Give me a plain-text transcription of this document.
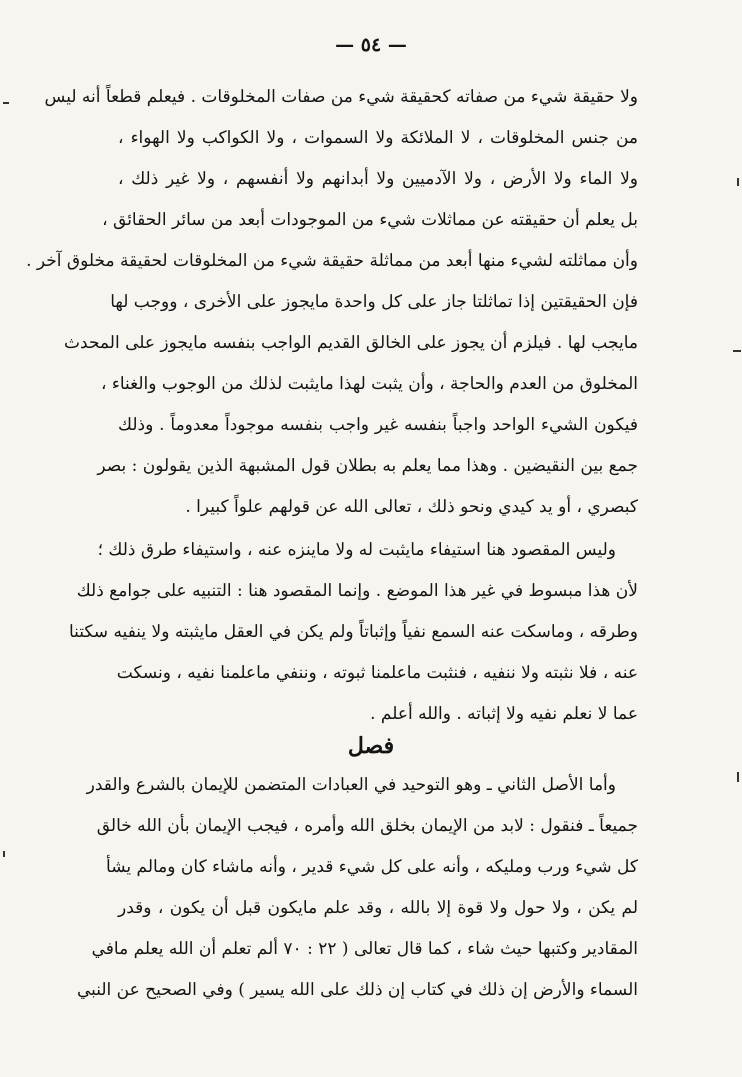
— ٥٤ —
ولا حقيقة شيء من صفاته كحقيقة شيء من صفات المخلوقات . فيعلم قطعاً أنه ليس
من جنس المخلوقات ، لا الملائكة ولا السموات ، ولا الكواكب ولا الهواء ،
ولا الماء ولا الأرض ، ولا الآدميين ولا أبدانهم ولا أنفسهم ، ولا غير ذلك ،
بل يعلم أن حقيقته عن مماثلات شيء من الموجودات أبعد من سائر الحقائق ،
وأن مماثلته لشيء منها أبعد من مماثلة حقيقة شيء من المخلوقات لحقيقة مخلوق آخر .
فإن الحقيقتين إذا تماثلتا جاز على كل واحدة مايجوز على الأخرى ، ووجب لها
مايجب لها . فيلزم أن يجوز على الخالق القديم الواجب بنفسه مايجوز على المحدث
المخلوق من العدم والحاجة ، وأن يثبت لهذا مايثبت لذلك من الوجوب والغناء ،
فيكون الشيء الواحد واجباً بنفسه غير واجب بنفسه موجوداً معدوماً . وذلك
جمع بين النقيضين . وهذا مما يعلم به بطلان قول المشبهة الذين يقولون : بصر
كبصري ، أو يد كيدي ونحو ذلك ، تعالى الله عن قولهم علواً كبيرا .
وليس المقصود هنا استيفاء مايثبت له ولا ماينزه عنه ، واستيفاء طرق ذلك ؛
لأن هذا مبسوط في غير هذا الموضع . وإنما المقصود هنا : التنبيه على جوامع ذلك
وطرقه ، وماسكت عنه السمع نفياً وإثباتاً ولم يكن في العقل مايثبته ولا ينفيه سكتنا
عنه ، فلا نثبته ولا ننفيه ، فنثبت ماعلمنا ثبوته ، وننفي ماعلمنا نفيه ، ونسكت
عما لا نعلم نفيه ولا إثباته . والله أعلم .
فصل
وأما الأصل الثاني ـ وهو التوحيد في العبادات المتضمن للإيمان بالشرع والقدر
جميعاً ـ فنقول : لابد من الإيمان بخلق الله وأمره ، فيجب الإيمان بأن الله خالق
كل شيء ورب ومليكه ، وأنه على كل شيء قدير ، وأنه ماشاء كان ومالم يشأ
لم يكن ، ولا حول ولا قوة إلا بالله ، وقد علم مايكون قبل أن يكون ، وقدر
المقادير وكتبها حيث شاء ، كما قال تعالى ( ٢٢ : ٧٠ ألم تعلم أن الله يعلم مافي
السماء والأرض إن ذلك في كتاب إن ذلك على الله يسير ) وفي الصحيح عن النبي
